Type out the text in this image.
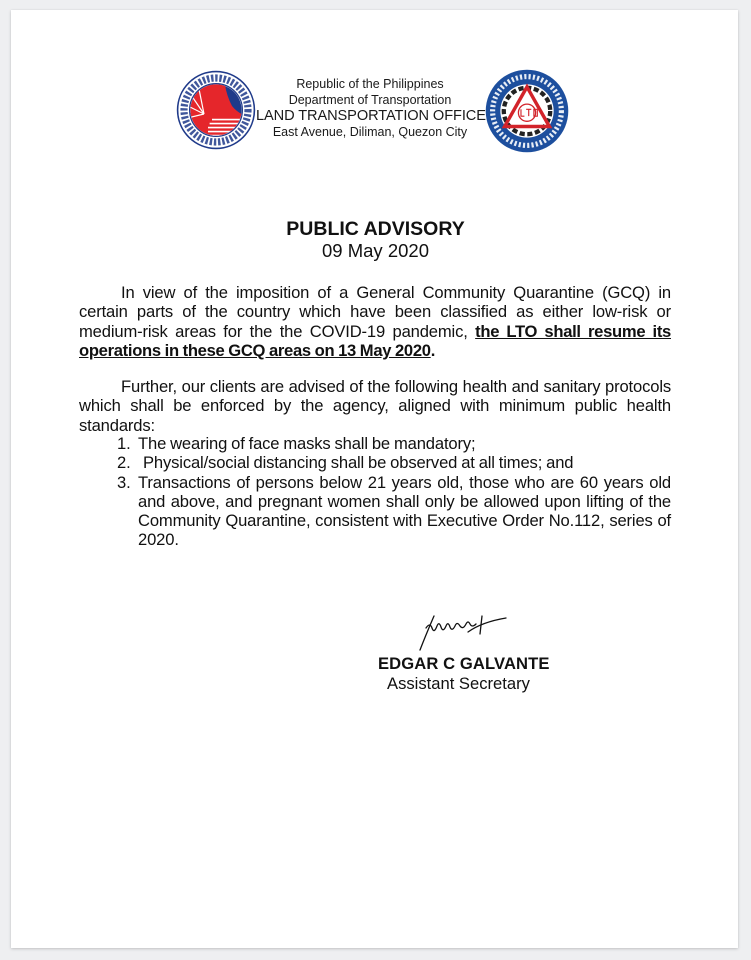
Republic of the Philippines
Department of Transportation
LAND TRANSPORTATION OFFICE
East Avenue, Diliman, Quezon City
PUBLIC ADVISORY
09 May 2020
In view of the imposition of a General Community Quarantine (GCQ) in certain parts of the country which have been classified as either low-risk or medium-risk areas for the the COVID-19 pandemic, the LTO shall resume its operations in these GCQ areas on 13 May 2020.
Further, our clients are advised of the following health and sanitary protocols which shall be enforced by the agency, aligned with minimum public health standards:
1. The wearing of face masks shall be mandatory;
2. Physical/social distancing shall be observed at all times; and
3. Transactions of persons below 21 years old, those who are 60 years old and above, and pregnant women shall only be allowed upon lifting of the Community Quarantine, consistent with Executive Order No.112, series of 2020.
EDGAR C GALVANTE
Assistant Secretary
